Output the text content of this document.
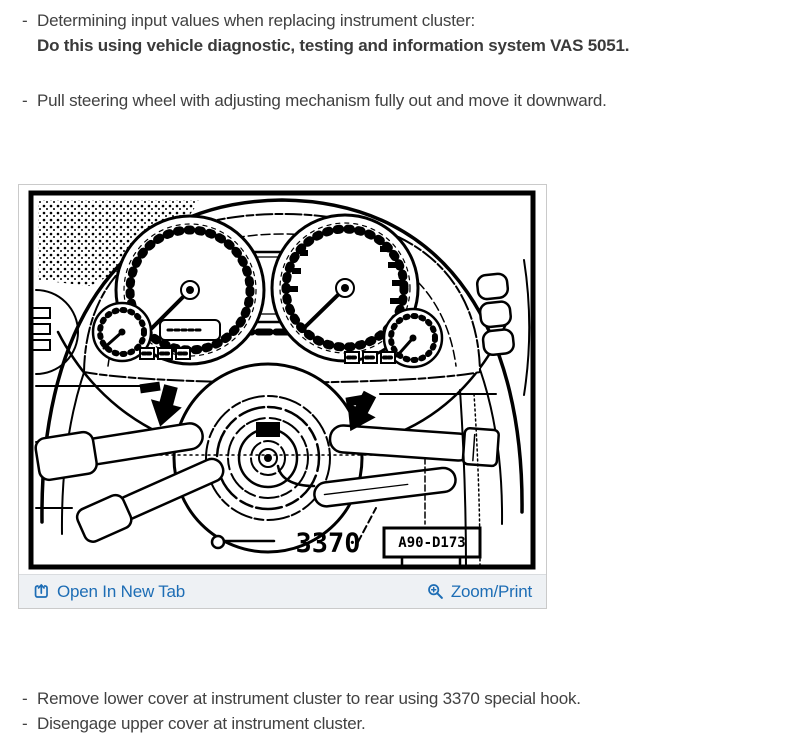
- Determining input values when replacing instrument cluster:
Do this using vehicle diagnostic, testing and information system VAS 5051.
- Pull steering wheel with adjusting mechanism fully out and move it downward.
3370	A90-D173
Open In New Tab	Zoom/Print
- Remove lower cover at instrument cluster to rear using 3370 special hook.
- Disengage upper cover at instrument cluster.
